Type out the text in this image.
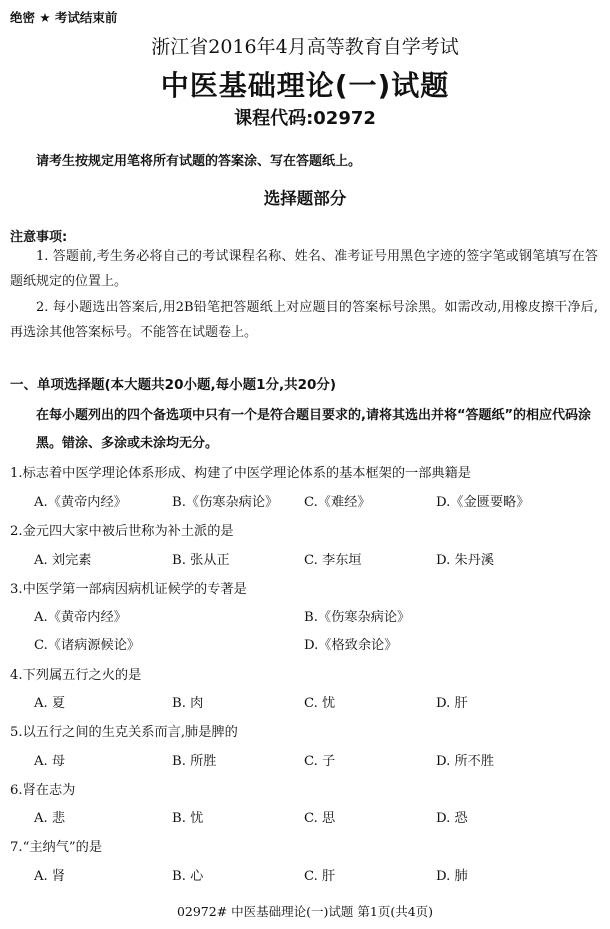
绝密 ★ 考试结束前
浙江省2016年4月高等教育自学考试
中医基础理论(一)试题
课程代码:02972
请考生按规定用笔将所有试题的答案涂、写在答题纸上。
选择题部分
注意事项:
1. 答题前,考生务必将自己的考试课程名称、姓名、准考证号用黑色字迹的签字笔或钢笔填写在答题纸规定的位置上。
2. 每小题选出答案后,用2B铅笔把答题纸上对应题目的答案标号涂黑。如需改动,用橡皮擦干净后,再选涂其他答案标号。不能答在试题卷上。
一、单项选择题(本大题共20小题,每小题1分,共20分)
在每小题列出的四个备选项中只有一个是符合题目要求的,请将其选出并将“答题纸”的相应代码涂黑。错涂、多涂或未涂均无分。
1.标志着中医学理论体系形成、构建了中医学理论体系的基本框架的一部典籍是
A.《黄帝内经》	B.《伤寒杂病论》 C.《难经》	D.《金匮要略》
2.金元四大家中被后世称为补土派的是
A. 刘完素	B. 张从正	C. 李东垣	D. 朱丹溪
3.中医学第一部病因病机证候学的专著是
A.《黄帝内经》	B.《伤寒杂病论》
C.《诸病源候论》	D.《格致余论》
4.下列属五行之火的是
A. 夏	B. 肉	C. 忧	D. 肝
5.以五行之间的生克关系而言,肺是脾的
A. 母	B. 所胜	C. 子	D. 所不胜
6.肾在志为
A. 悲	B. 忧	C. 思	D. 恐
7.“主纳气”的是
A. 肾	B. 心	C. 肝	D. 肺
02972# 中医基础理论(一)试题 第1页(共4页)
